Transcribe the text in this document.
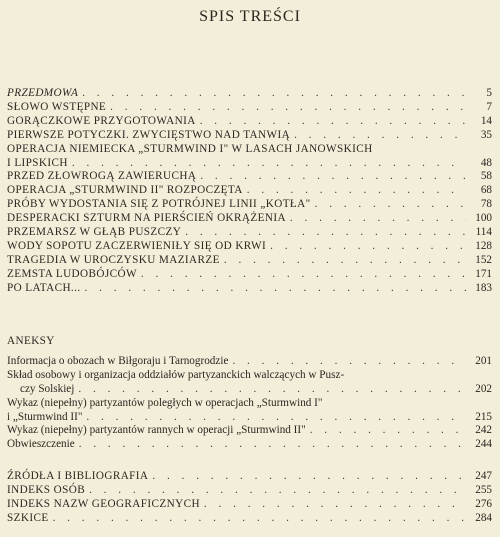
SPIS TREŚCI
PRZEDMOWA . . .	5
SŁOWO WSTĘPNE . . .	7
GORĄCZKOWE PRZYGOTOWANIA . . .	14
PIERWSZE POTYCZKI. ZWYCIĘSTWO NAD TANWIĄ . . .	35
OPERACJA NIEMIECKA „STURMWIND I" W LASACH JANOWSKICH
I LIPSKICH . . .	48
PRZED ZŁOWROGĄ ZAWIERUCHĄ . . .	58
OPERACJA „STURMWIND II" ROZPOCZĘTA . . .	68
PRÓBY WYDOSTANIA SIĘ Z POTRÓJNEJ LINII „KOTŁA" . . .	78
DESPERACKI SZTURM NA PIERŚCIEŃ OKRĄŻENIA . . .	100
PRZEMARSZ W GŁĄB PUSZCZY . . .	114
WODY SOPOTU ZACZERWIENIŁY SIĘ OD KRWI . . .	128
TRAGEDIA W UROCZYSKU MAZIARZE . . .	152
ZEMSTA LUDOBÓJCÓW . . .	171
PO LATACH... . . .	183
ANEKSY
Informacja o obozach w Biłgoraju i Tarnogrodzie . . .	201
Skład osobowy i organizacja oddziałów partyzanckich walczących w Pusz-
czy Solskiej . . .	202
Wykaz (niepełny) partyzantów poległych w operacjach „Sturmwind I"
i „Sturmwind II" . . .	215
Wykaz (niepełny) partyzantów rannych w operacji „Sturmwind II" . . .	242
Obwieszczenie . . .	244
ŹRÓDŁA I BIBLIOGRAFIA . . .	247
INDEKS OSÓB . . .	255
INDEKS NAZW GEOGRAFICZNYCH . . .	276
SZKICE . . .	284
